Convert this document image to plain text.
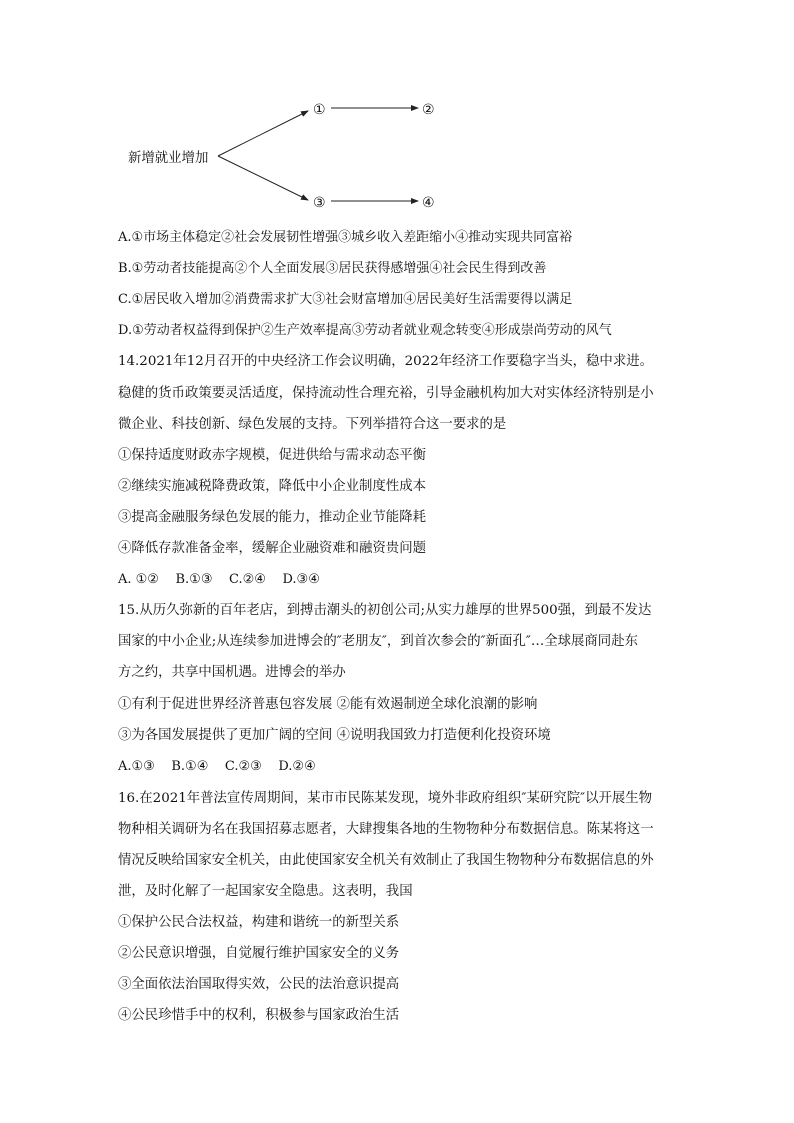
新增就业增加
①	②
③	④
A.①市场主体稳定②社会发展韧性增强③城乡收入差距缩小④推动实现共同富裕
B.①劳动者技能提高②个人全面发展③居民获得感增强④社会民生得到改善
C.①居民收入增加②消费需求扩大③社会财富增加④居民美好生活需要得以满足
D.①劳动者权益得到保护②生产效率提高③劳动者就业观念转变④形成崇尚劳动的风气
14.2021年12月召开的中央经济工作会议明确，2022年经济工作要稳字当头，稳中求进。
稳健的货币政策要灵活适度，保持流动性合理充裕，引导金融机构加大对实体经济特别是小
微企业、科技创新、绿色发展的支持。下列举措符合这一要求的是
①保持适度财政赤字规模，促进供给与需求动态平衡
②继续实施减税降费政策，降低中小企业制度性成本
③提高金融服务绿色发展的能力，推动企业节能降耗
④降低存款准备金率，缓解企业融资难和融资贵问题
A. ①②    B.①③    C.②④    D.③④
15.从历久弥新的百年老店，到搏击潮头的初创公司;从实力雄厚的世界500强，到最不发达
国家的中小企业;从连续参加进博会的″老朋友″，到首次参会的″新面孔″…全球展商同赴东
方之约，共享中国机遇。进博会的举办
①有利于促进世界经济普惠包容发展 ②能有效遏制逆全球化浪潮的影响
③为各国发展提供了更加广阔的空间 ④说明我国致力打造便利化投资环境
A.①③    B.①④    C.②③    D.②④
16.在2021年普法宣传周期间，某市市民陈某发现，境外非政府组织″某研究院″以开展生物
物种相关调研为名在我国招募志愿者，大肆搜集各地的生物物种分布数据信息。陈某将这一
情况反映给国家安全机关，由此使国家安全机关有效制止了我国生物物种分布数据信息的外
泄，及时化解了一起国家安全隐患。这表明，我国
①保护公民合法权益，构建和谐统一的新型关系
②公民意识增强，自觉履行维护国家安全的义务
③全面依法治国取得实效，公民的法治意识提高
④公民珍惜手中的权利，积极参与国家政治生活
